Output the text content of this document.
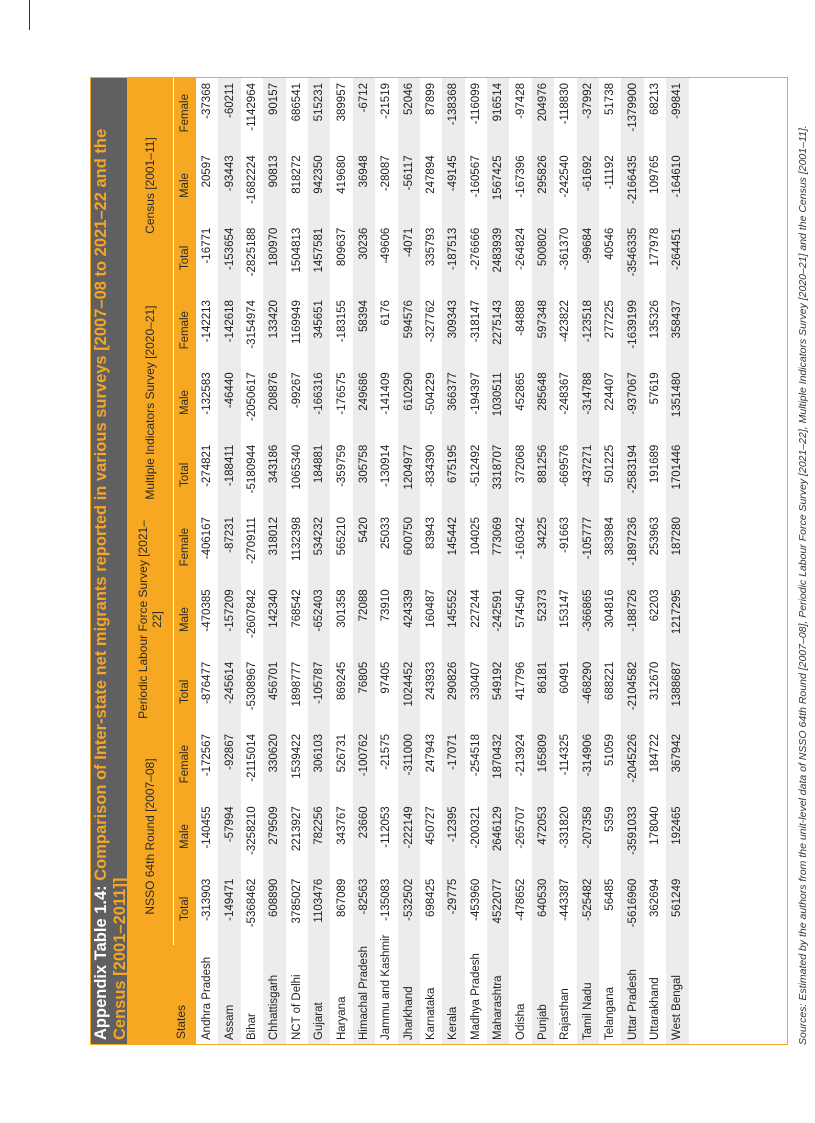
Appendix Table 1.4: Comparison of Inter-state net migrants reported in various surveys [2007–08 to 2021–22 and the Census [2001–2011]]	States	NSSO 64th Round [2007–08]			Periodic Labour Force Survey [2021–22]			Multiple Indicators Survey [2020–21]			Census [2001–11]		
	Total	Male	Female	Total	Male	Female	Total	Male	Female	Total	Male	Female
Andhra Pradesh	-313903	-140455	-172567	-876477	-470385	-406167	-274821	-132583	-142213	-16771	20597	-37368
Assam	-149471	-57994	-92867	-245614	-157209	-87231	-188411	-46440	-142618	-153654	-93443	-60211
Bihar	-5368462	-3258210	-2115014	-5308967	-2607842	-2709111	-5180944	-2050617	-3154974	-2825188	-1682224	-1142964
Chhattisgarh	608890	279509	330620	456701	142340	318012	343186	208876	133420	180970	90813	90157
NCT of Delhi	3785027	2213927	1539422	1898777	768542	1132398	1065340	-99267	1169949	1504813	818272	686541
Gujarat	1103476	782256	306103	-105787	-652403	534232	184881	-166316	345651	1457581	942350	515231
Haryana	867089	343767	526731	869245	301358	565210	-359759	-176575	-183155	809637	419680	389957
Himachal Pradesh	-82563	23660	-100762	76805	72088	5420	305758	249686	58394	30236	36948	-6712
Jammu and Kashmir	-135083	-112053	-21575	97405	73910	25033	-130914	-141409	6176	-49606	-28087	-21519
Jharkhand	-532502	-222149	-311000	1024452	424339	600750	1204977	610290	594576	-4071	-56117	52046
Karnataka	698425	450727	247943	243933	160487	83943	-834390	-504229	-327762	335793	247894	87899
Kerala	-29775	-12395	-17071	290826	145552	145442	675195	366377	309343	-187513	-49145	-138368
Madhya Pradesh	-453960	-200321	-254518	330407	227244	104025	-512492	-194397	-318147	-276666	-160567	-116099
Maharashtra	4522077	2646129	1870432	549192	-242591	773069	3318707	1030511	2275143	2483939	1567425	916514
Odisha	-478652	-265707	-213924	417796	574540	-160342	372068	452865	-84888	-264824	-167396	-97428
Punjab	640530	472053	165809	86181	52373	34225	881256	285648	597348	500802	295826	204976
Rajasthan	-443387	-331820	-114325	60491	153147	-91663	-669576	-248367	-423822	-361370	-242540	-118830
Tamil Nadu	-525482	-207358	-314906	-468290	-366865	-105777	-437271	-314788	-123518	-99684	-61692	-37992
Telangana	56485	5359	51059	688221	304816	383984	501225	224407	277225	40546	-11192	51738
Uttar Pradesh	-5616960	-3591033	-2045226	-2104582	-188726	-1897236	-2583194	-937067	-1639199	-3546335	-2166435	-1379900
Uttarakhand	362694	178040	184722	312670	62203	253963	191689	57619	135326	177978	109765	68213
West Bengal	561249	192465	367942	1388687	1217295	187280	1701446	1351480	358437	-264451	-164610	-99841
Sources: Estimated by the authors from the unit-level data of NSSO 64th Round [2007–08], Periodic Labour Force Survey [2021–22], Multiple Indicators Survey [2020–21] and the Census [2001–11].
